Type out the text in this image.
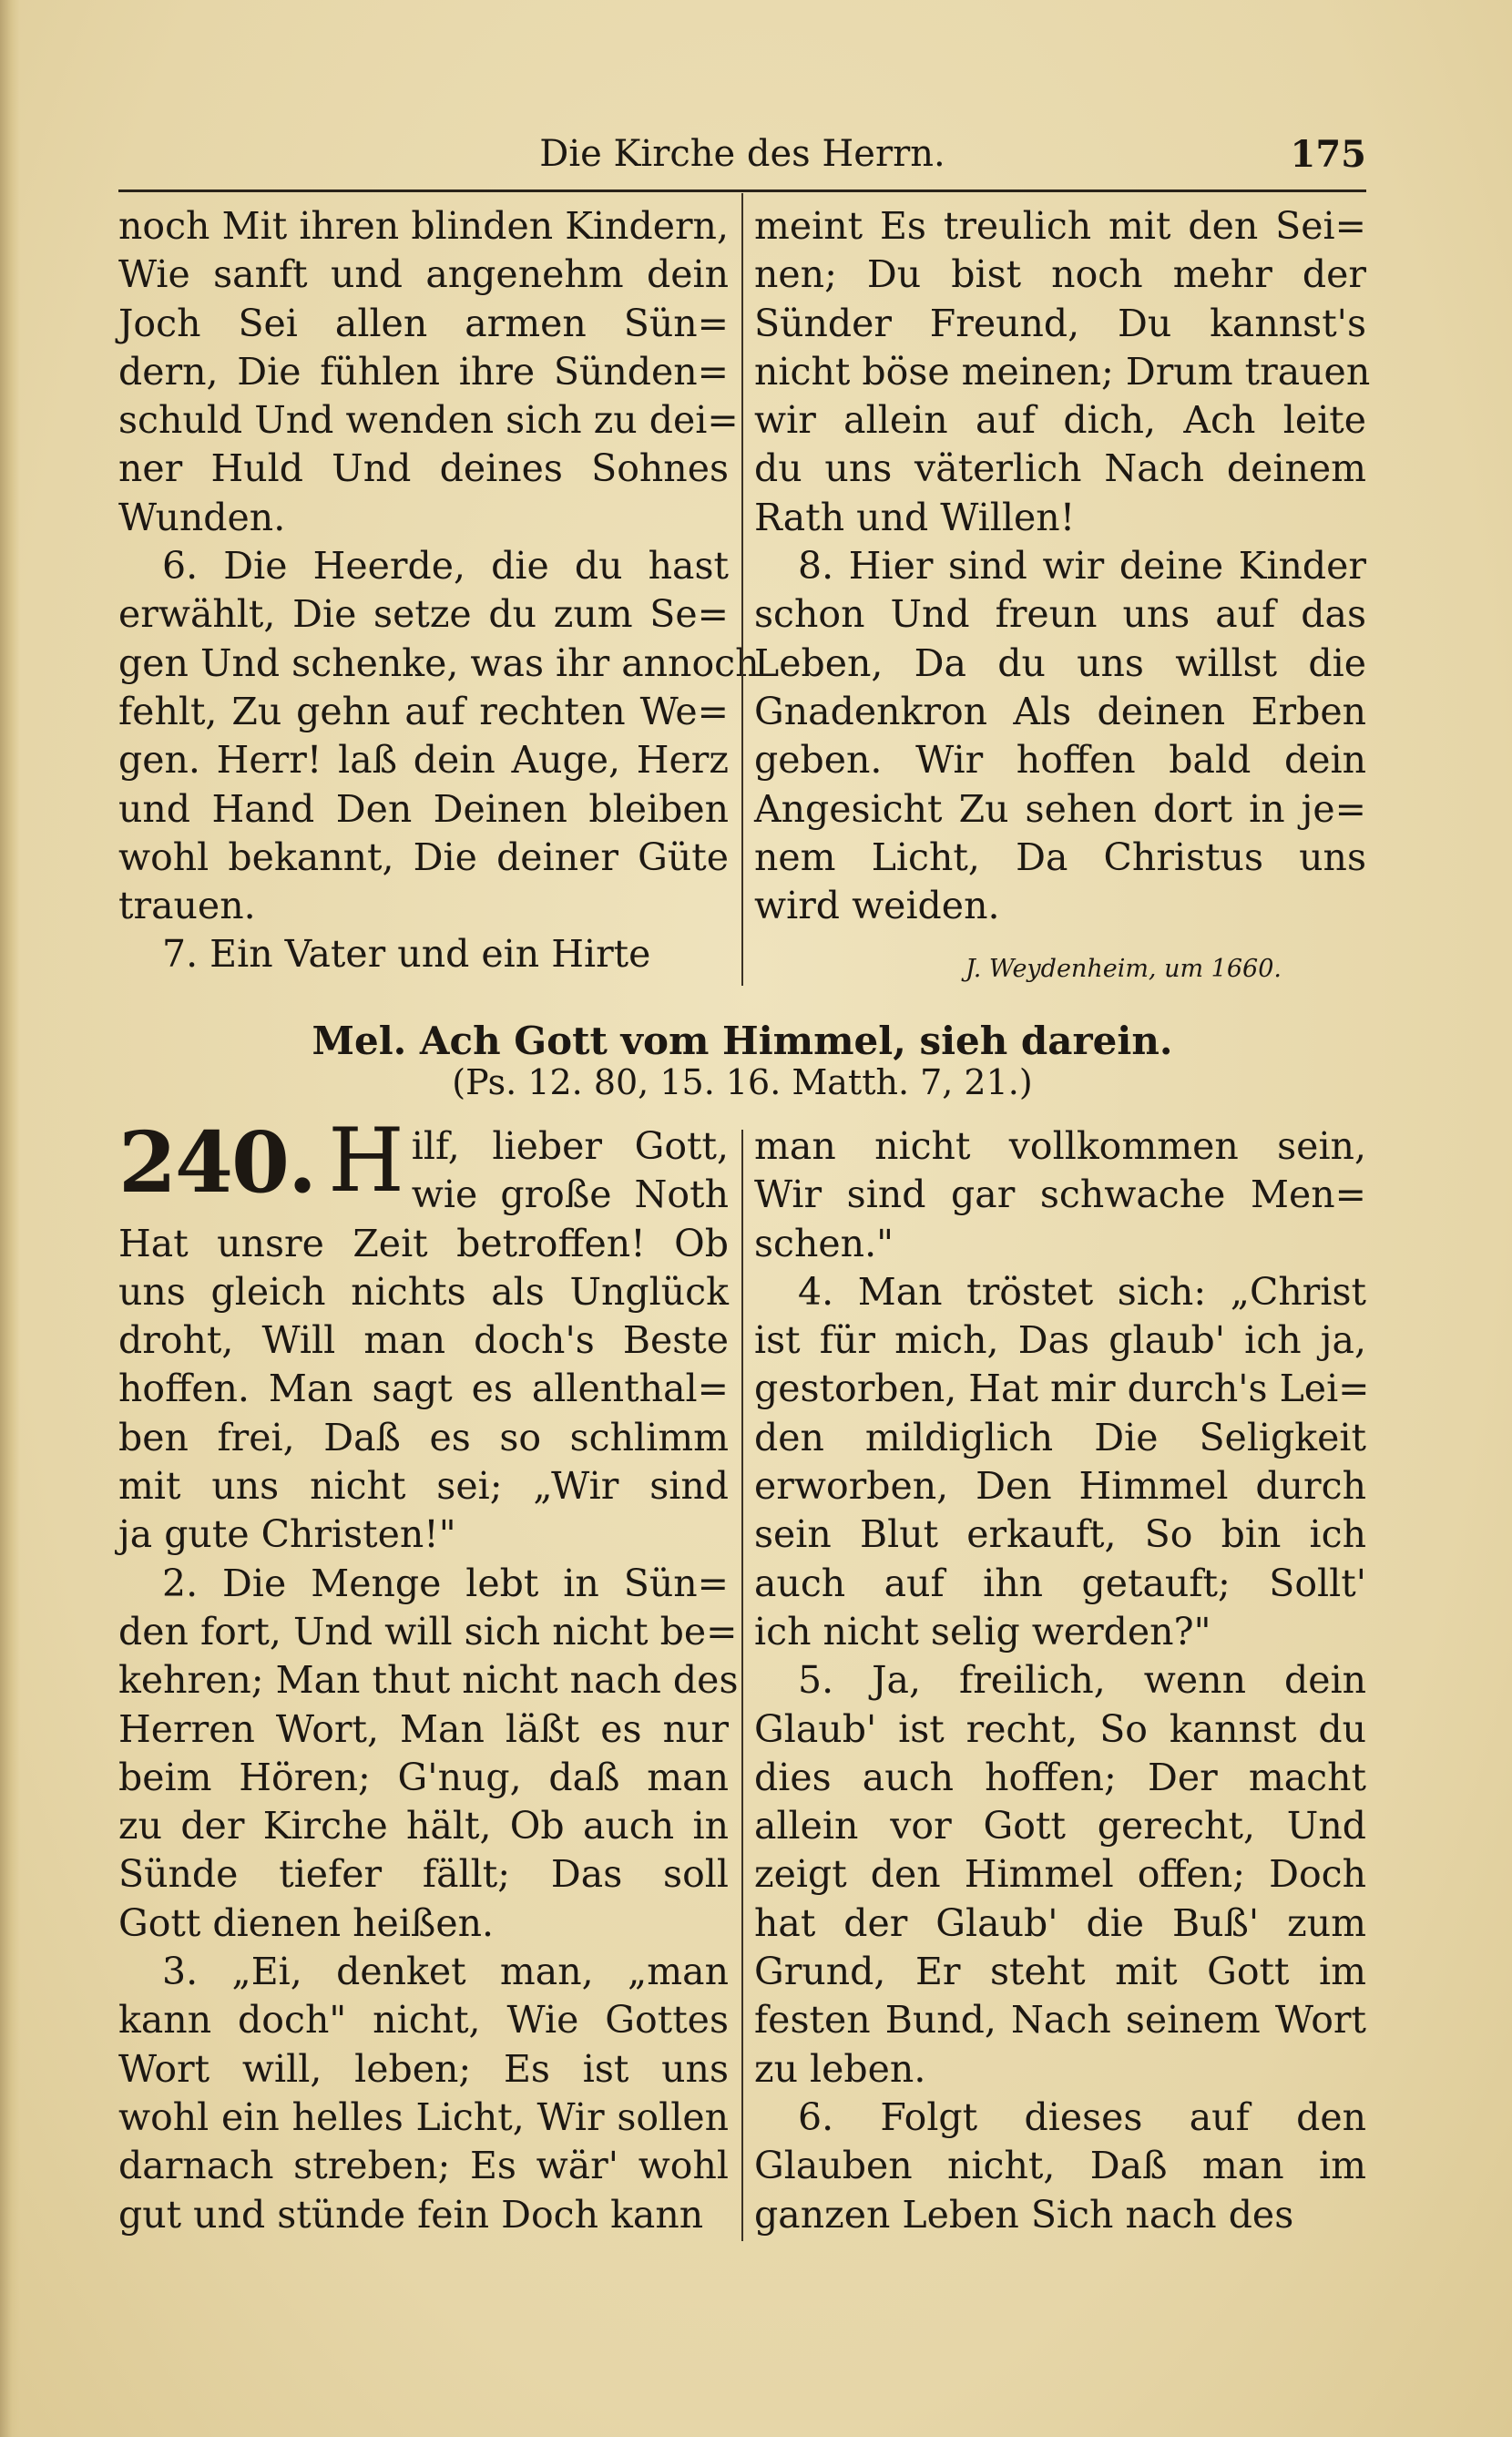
Die Kirche des Herrn.	175
noch Mit ihren blinden Kindern,
Wie sanft und angenehm dein
Joch Sei allen armen Sün=
dern, Die fühlen ihre Sünden=
schuld Und wenden sich zu dei=
ner Huld Und deines Sohnes
Wunden.
6. Die Heerde, die du hast
erwählt, Die setze du zum Se=
gen Und schenke, was ihr annoch
fehlt, Zu gehn auf rechten We=
gen. Herr! laß dein Auge, Herz
und Hand Den Deinen bleiben
wohl bekannt, Die deiner Güte
trauen.
7. Ein Vater und ein Hirte
meint Es treulich mit den Sei=
nen; Du bist noch mehr der
Sünder Freund, Du kannst's
nicht böse meinen; Drum trauen
wir allein auf dich, Ach leite
du uns väterlich Nach deinem
Rath und Willen!
8. Hier sind wir deine Kinder
schon Und freun uns auf das
Leben, Da du uns willst die
Gnadenkron Als deinen Erben
geben. Wir hoffen bald dein
Angesicht Zu sehen dort in je=
nem Licht, Da Christus uns
wird weiden.
J. Weydenheim, um 1660.
Mel. Ach Gott vom Himmel, sieh darein.
(Ps. 12. 80, 15. 16. Matth. 7, 21.)
240. H ilf, lieber Gott,
wie große Noth
Hat unsre Zeit betroffen! Ob
uns gleich nichts als Unglück
droht, Will man doch's Beste
hoffen. Man sagt es allenthal=
ben frei, Daß es so schlimm
mit uns nicht sei; „Wir sind
ja gute Christen!"
2. Die Menge lebt in Sün=
den fort, Und will sich nicht be=
kehren; Man thut nicht nach des
Herren Wort, Man läßt es nur
beim Hören; G'nug, daß man
zu der Kirche hält, Ob auch in
Sünde tiefer fällt; Das soll
Gott dienen heißen.
3. „Ei, denket man, „man
kann doch" nicht, Wie Gottes
Wort will, leben; Es ist uns
wohl ein helles Licht, Wir sollen
darnach streben; Es wär' wohl
gut und stünde fein Doch kann
man nicht vollkommen sein,
Wir sind gar schwache Men=
schen."
4. Man tröstet sich: „Christ
ist für mich, Das glaub' ich ja,
gestorben, Hat mir durch's Lei=
den mildiglich Die Seligkeit
erworben, Den Himmel durch
sein Blut erkauft, So bin ich
auch auf ihn getauft; Sollt'
ich nicht selig werden?"
5. Ja, freilich, wenn dein
Glaub' ist recht, So kannst du
dies auch hoffen; Der macht
allein vor Gott gerecht, Und
zeigt den Himmel offen; Doch
hat der Glaub' die Buß' zum
Grund, Er steht mit Gott im
festen Bund, Nach seinem Wort
zu leben.
6. Folgt dieses auf den
Glauben nicht, Daß man im
ganzen Leben Sich nach des
